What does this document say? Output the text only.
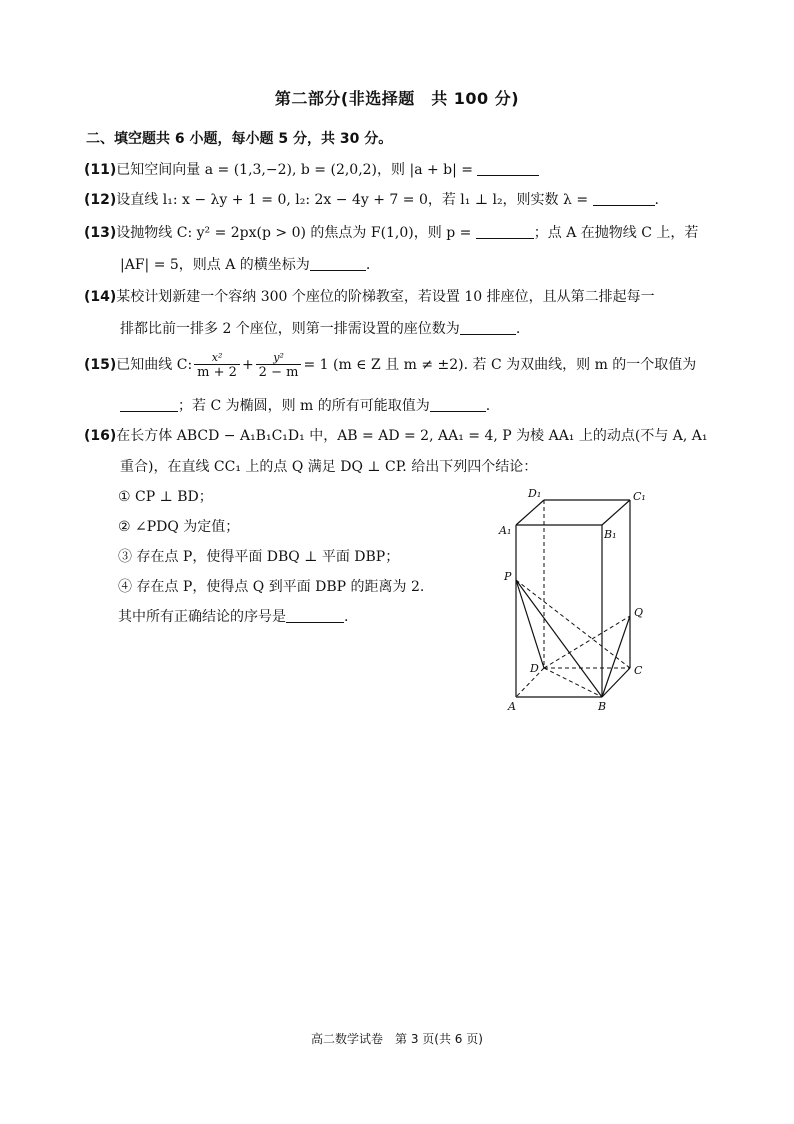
第二部分(非选择题　共 100 分)
二、填空题共 6 小题，每小题 5 分，共 30 分。
(11)已知空间向量 a = (1,3,−2), b = (2,0,2)，则 |a + b| =
(12)设直线 l₁: x − λy + 1 = 0, l₂: 2x − 4y + 7 = 0，若 l₁ ⊥ l₂，则实数 λ =	.
(13)设抛物线 C: y² = 2px(p > 0) 的焦点为 F(1,0)，则 p =	；点 A 在抛物线 C 上，若
|AF| = 5，则点 A 的横坐标为	.
(14)某校计划新建一个容纳 300 个座位的阶梯教室，若设置 10 排座位，且从第二排起每一
排都比前一排多 2 个座位，则第一排需设置的座位数为	.
(15)已知曲线 C: $\frac{\text{x²}}{m + 2} + \frac{\text{y²}}{2 - m} = 1$ (m ∈ Z 且 m ≠ ±2). 若 C 为双曲线，则 m 的一个取值为
；若 C 为椭圆，则 m 的所有可能取值为	.
(16)在长方体 ABCD − A₁B₁C₁D₁ 中，AB = AD = 2, AA₁ = 4, P 为棱 AA₁ 上的动点(不与 A, A₁
重合)，在直线 CC₁ 上的点 Q 满足 DQ ⊥ CP. 给出下列四个结论：
① CP ⊥ BD；
② ∠PDQ 为定值；
③ 存在点 P，使得平面 DBQ ⊥ 平面 DBP；
④ 存在点 P，使得点 Q 到平面 DBP 的距离为 2.
其中所有正确结论的序号是	.
D₁	C₁
A₁	B₁
P
Q
D	C
A	B
高二数学试卷　第 3 页(共 6 页)
